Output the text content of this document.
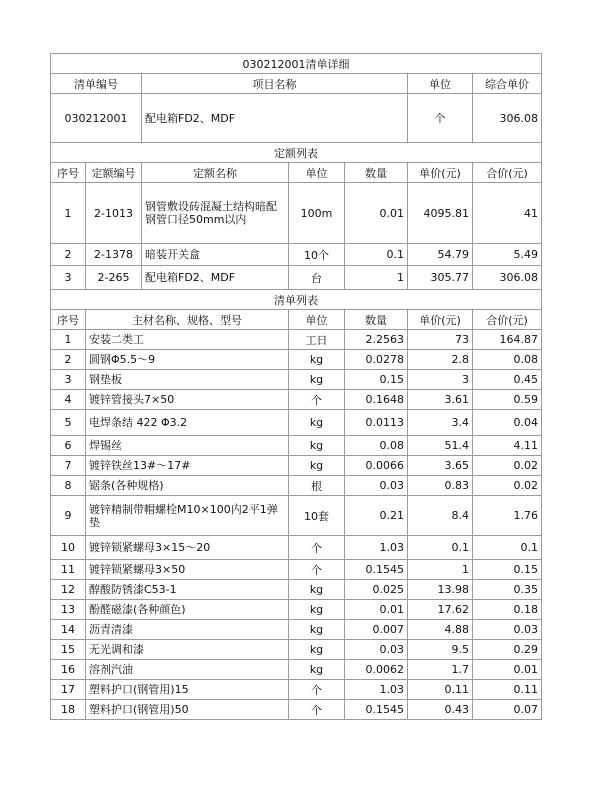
030212001清单详细						
清单编号		项目名称			单位	综合单价
030212001		配电箱FD2、MDF			个	306.08
定额列表						
序号	定额编号	定额名称	单位	数量	单价(元)	合价(元)
1	2-1013	钢管敷设砖混凝土结构暗配钢管口径50mm以内	100m	0.01	4095.81	41
2	2-1378	暗装开关盒	10个	0.1	54.79	5.49
3	2-265	配电箱FD2、MDF	台	1	305.77	306.08
清单列表						
序号	主材名称、规格、型号		单位	数量	单价(元)	合价(元)
1	安装二类工		工日	2.2563	73	164.87
2	圆钢Φ5.5～9		kg	0.0278	2.8	0.08
3	钢垫板		kg	0.15	3	0.45
4	镀锌管接头7×50		个	0.1648	3.61	0.59
5	电焊条结 422 Φ3.2		kg	0.0113	3.4	0.04
6	焊锡丝		kg	0.08	51.4	4.11
7	镀锌铁丝13#～17#		kg	0.0066	3.65	0.02
8	锯条(各种规格)		根	0.03	0.83	0.02
9	镀锌精制带帽螺栓M10×100内2平1弹垫		10套	0.21	8.4	1.76
10	镀锌锁紧螺母3×15～20		个	1.03	0.1	0.1
11	镀锌锁紧螺母3×50		个	0.1545	1	0.15
12	醇酸防锈漆C53-1		kg	0.025	13.98	0.35
13	酚醛磁漆(各种颜色)		kg	0.01	17.62	0.18
14	沥青清漆		kg	0.007	4.88	0.03
15	无光调和漆		kg	0.03	9.5	0.29
16	溶剂汽油		kg	0.0062	1.7	0.01
17	塑料护口(钢管用)15		个	1.03	0.11	0.11
18	塑料护口(钢管用)50		个	0.1545	0.43	0.07
